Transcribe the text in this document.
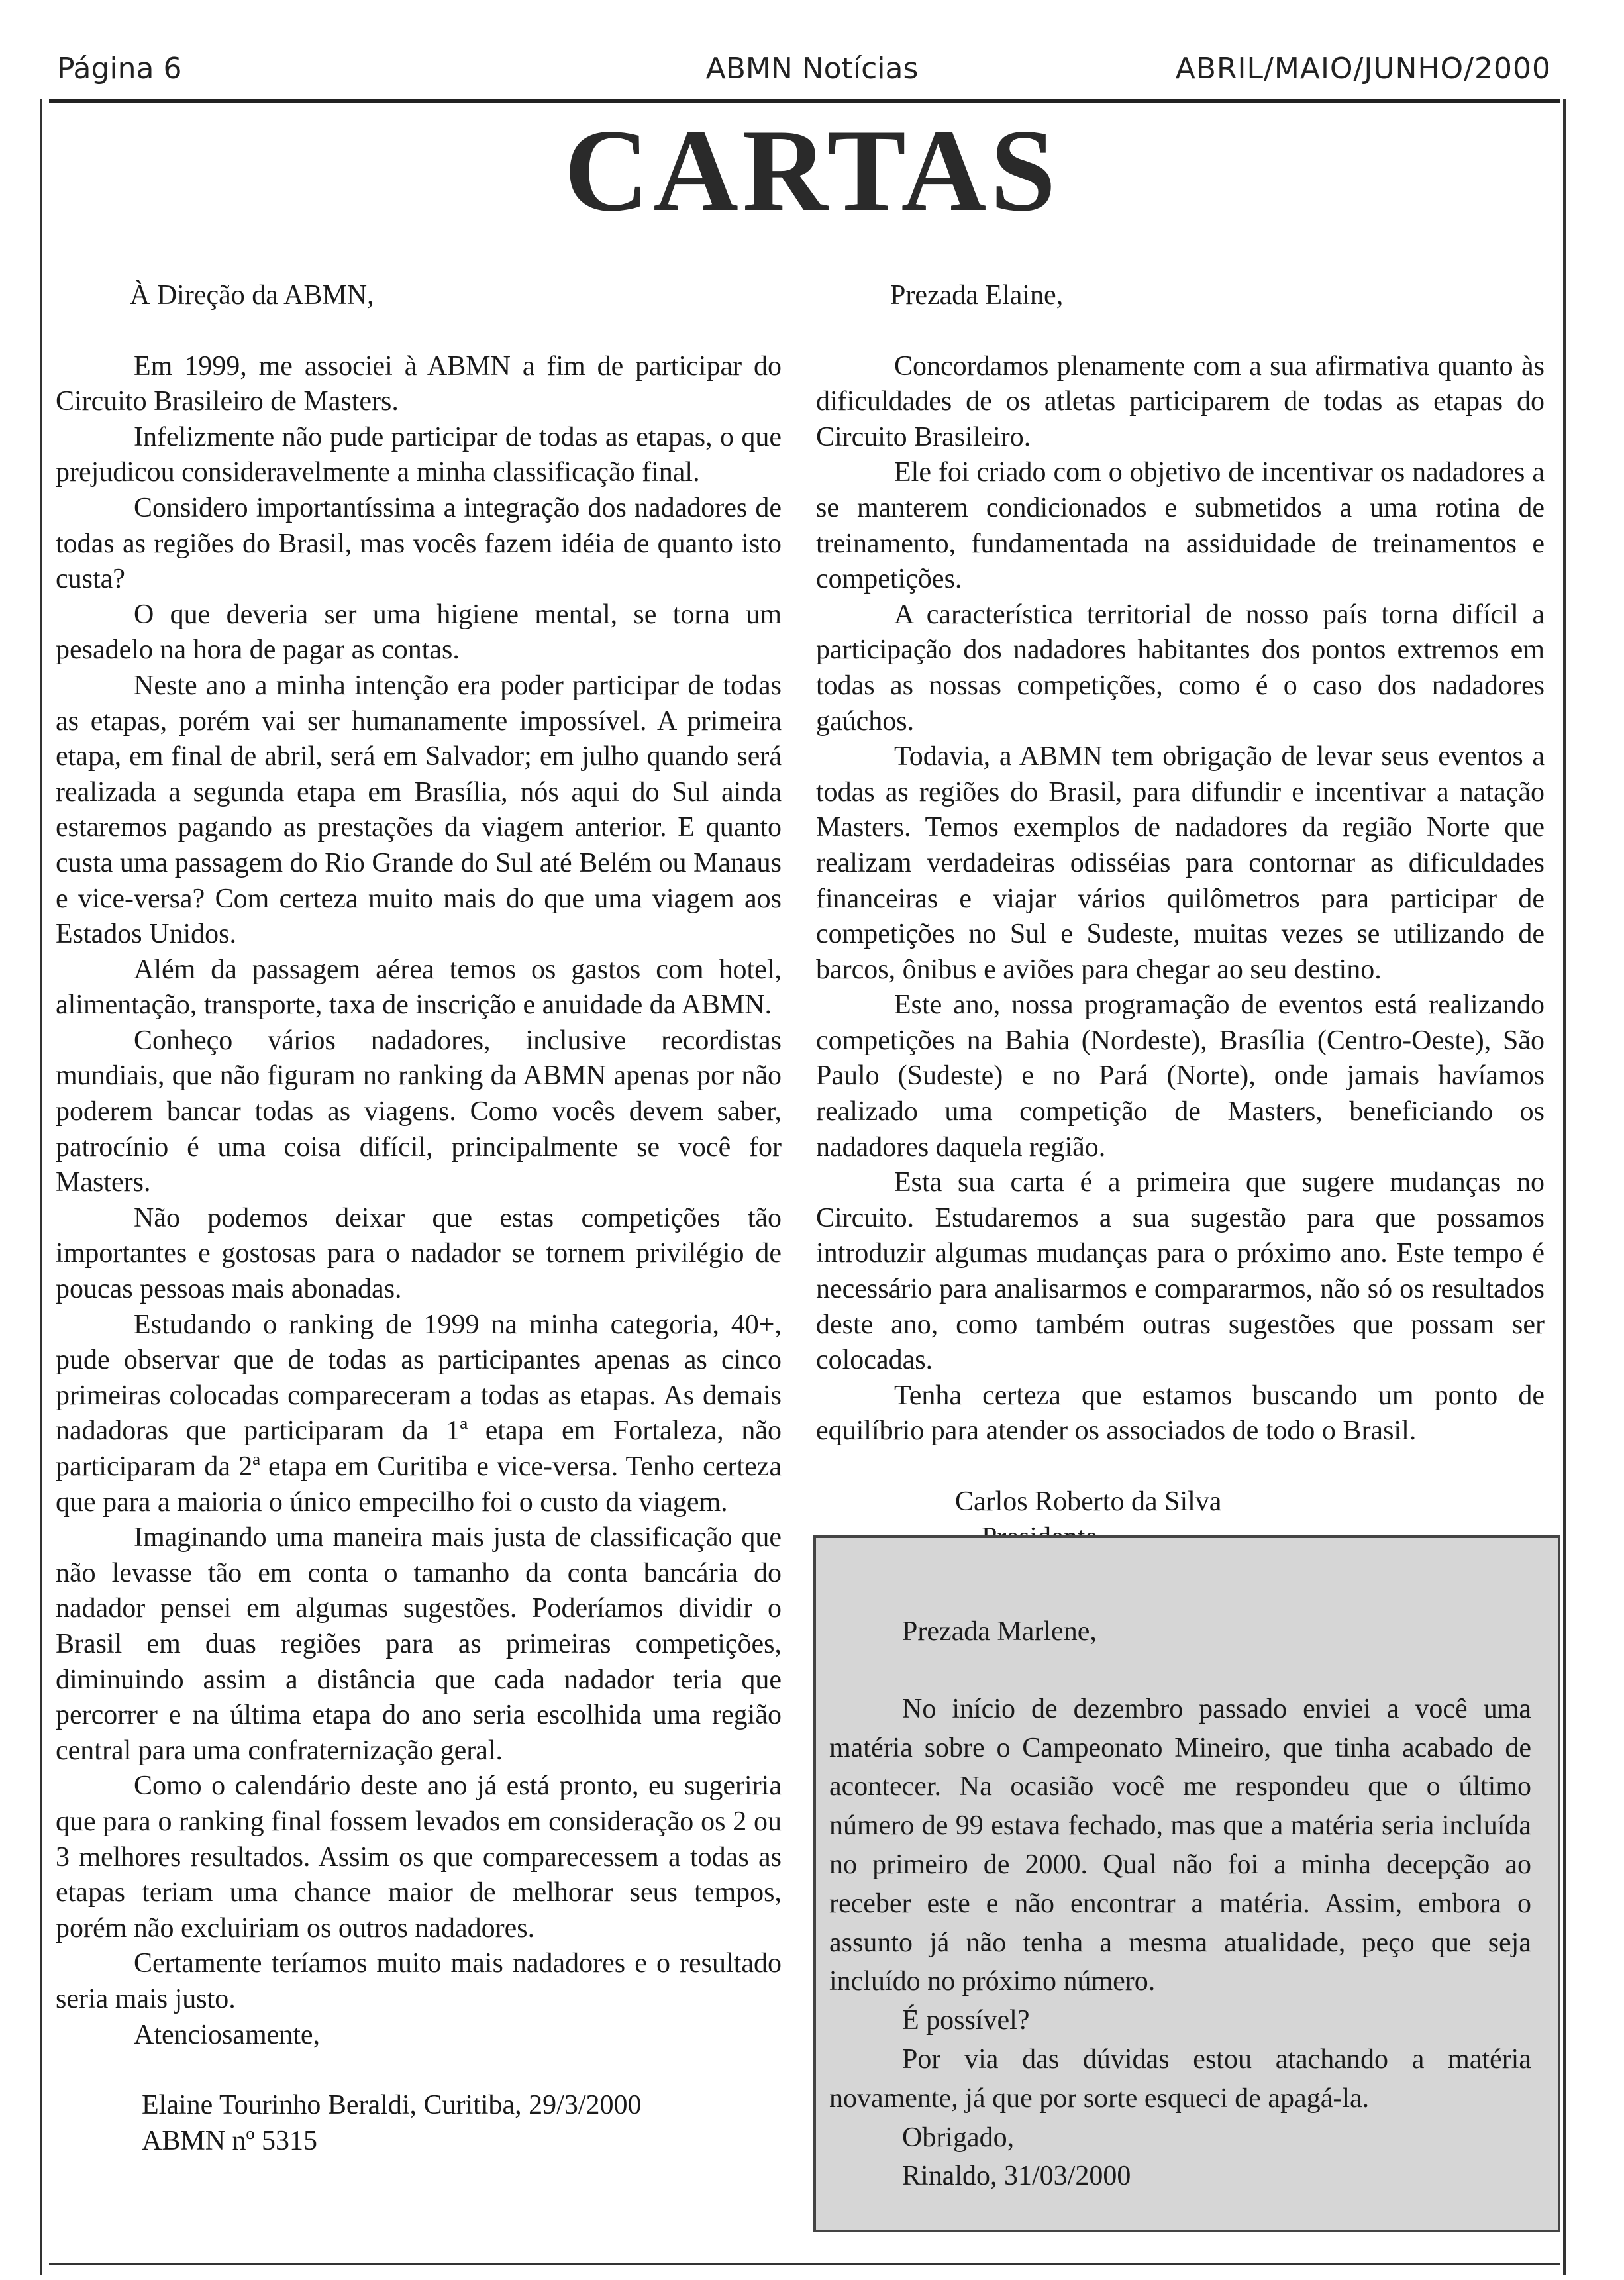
Página 6	ABMN Notícias	ABRIL/MAIO/JUNHO/2000
CARTAS

À Direção da ABMN,

Em 1999, me associei à ABMN a fim de participar do Circuito Brasileiro de Masters.

Infelizmente não pude participar de todas as etapas, o que prejudicou consideravelmente a minha classificação final.

Considero importantíssima a integração dos nadadores de todas as regiões do Brasil, mas vocês fazem idéia de quanto isto custa?

O que deveria ser uma higiene mental, se torna um pesadelo na hora de pagar as contas.

Neste ano a minha intenção era poder participar de todas as etapas, porém vai ser humanamente impossível. A primeira etapa, em final de abril, será em Salvador; em julho quando será realizada a segunda etapa em Brasília, nós aqui do Sul ainda estaremos pagando as prestações da viagem anterior. E quanto custa uma passagem do Rio Grande do Sul até Belém ou Manaus e vice-versa? Com certeza muito mais do que uma viagem aos Estados Unidos.

Além da passagem aérea temos os gastos com hotel, alimentação, transporte, taxa de inscrição e anuidade da ABMN.

Conheço vários nadadores, inclusive recordistas mundiais, que não figuram no ranking da ABMN apenas por não poderem bancar todas as viagens. Como vocês devem saber, patrocínio é uma coisa difícil, principalmente se você for Masters.

Não podemos deixar que estas competições tão importantes e gostosas para o nadador se tornem privilégio de poucas pessoas mais abonadas.

Estudando o ranking de 1999 na minha categoria, 40+, pude observar que de todas as participantes apenas as cinco primeiras colocadas compareceram a todas as etapas. As demais nadadoras que participaram da 1ª etapa em Fortaleza, não participaram da 2ª etapa em Curitiba e vice-versa. Tenho certeza que para a maioria o único empecilho foi o custo da viagem.

Imaginando uma maneira mais justa de classificação que não levasse tão em conta o tamanho da conta bancária do nadador pensei em algumas sugestões. Poderíamos dividir o Brasil em duas regiões para as primeiras competições, diminuindo assim a distância que cada nadador teria que percorrer e na última etapa do ano seria escolhida uma região central para uma confraternização geral.

Como o calendário deste ano já está pronto, eu sugeriria que para o ranking final fossem levados em consideração os 2 ou 3 melhores resultados. Assim os que comparecessem a todas as etapas teriam uma chance maior de melhorar seus tempos, porém não excluiriam os outros nadadores.

Certamente teríamos muito mais nadadores e o resultado seria mais justo.

Atenciosamente,

Elaine Tourinho Beraldi, Curitiba, 29/3/2000
ABMN nº 5315

Prezada Elaine,

Concordamos plenamente com a sua afirmativa quanto às dificuldades de os atletas participarem de todas as etapas do Circuito Brasileiro.

Ele foi criado com o objetivo de incentivar os nadadores a se manterem condicionados e submetidos a uma rotina de treinamento, fundamentada na assiduidade de treinamentos e competições.

A característica territorial de nosso país torna difícil a participação dos nadadores habitantes dos pontos extremos em todas as nossas competições, como é o caso dos nadadores gaúchos.

Todavia, a ABMN tem obrigação de levar seus eventos a todas as regiões do Brasil, para difundir e incentivar a natação Masters. Temos exemplos de nadadores da região Norte que realizam verdadeiras odisséias para contornar as dificuldades financeiras e viajar vários quilômetros para participar de competições no Sul e Sudeste, muitas vezes se utilizando de barcos, ônibus e aviões para chegar ao seu destino.

Este ano, nossa programação de eventos está realizando competições na Bahia (Nordeste), Brasília (Centro-Oeste), São Paulo (Sudeste) e no Pará (Norte), onde jamais havíamos realizado uma competição de Masters, beneficiando os nadadores daquela região.

Esta sua carta é a primeira que sugere mudanças no Circuito. Estudaremos a sua sugestão para que possamos introduzir algumas mudanças para o próximo ano. Este tempo é necessário para analisarmos e compararmos, não só os resultados deste ano, como também outras sugestões que possam ser colocadas.

Tenha certeza que estamos buscando um ponto de equilíbrio para atender os associados de todo o Brasil.

Carlos Roberto da Silva

Prezada Marlene,

No início de dezembro passado enviei a você uma matéria sobre o Campeonato Mineiro, que tinha acabado de acontecer. Na ocasião você me respondeu que o último número de 99 estava fechado, mas que a matéria seria incluída no primeiro de 2000. Qual não foi a minha decepção ao receber este e não encontrar a matéria. Assim, embora o assunto já não tenha a mesma atualidade, peço que seja incluído no próximo número.

É possível?

Por via das dúvidas estou atachando a matéria novamente, já que por sorte esqueci de apagá-la.

Obrigado,

Rinaldo, 31/03/2000
